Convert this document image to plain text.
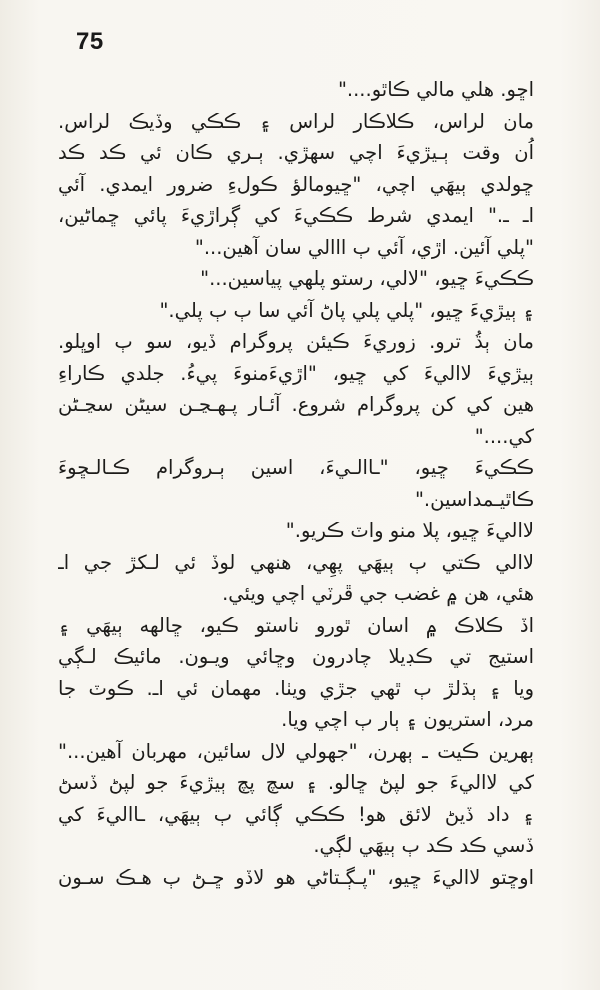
75
اڇو. هلي مالي ڪاٿو...."
مان لراس، ڪلاڪار لراس ۽ ڪڪي وڏيڪ لراس.
اُن وقت ٻـيڙيءَ اچي سهڙي. ٻـري ڪان ئي ڪد ڪد
ڇولدي ٻيهَي اچي، "ڇيومالؤ ڪولءِ ضرور ايمدي. آئي
اـ ـ." ايمدي شرط ڪڪيءَ کي ڳراڙيءَ پائي ڇماڻين،
"پلي آئين. اڙي، آئي ٻ ااالي سان آهين..."
ڪڪيءَ ڇيو، "لالي، رستو پلهي پياسين..."
۽ ٻيڙيءَ ڇيو، "پلي پلي پاڻ آئي سا ٻ ٻ پلي."
مان ٻڌُ ترو. زوريءَ ڪيئن پروگرام ڏيو، سو ٻ اوڀلو.
ٻيڙيءَ لااليءَ کي ڇيو، "اڙيءَمنوءَ پيءُ. جلدي ڪاراءِ
هين کي کن پروگرام شروع. آئـار پـهـڃـن سيڻن سڃـڻن
کي...."
ڪڪيءَ ڇيو، "ـاالـيءَ، اسين ٻـروگرام ڪـالـڇوءَ
ڪاٿيـمداسين."
لااليءَ ڇيو، پلا منو واٽ ڪريو."
لاالي ڪتي ٻ ٻيهَي پهِي، هنهي لوڏ ئي لـکڙ جي اـ
هئي، هن ۾ غضب جي ڦرٽي اچي ويئي.
اڏ ڪلاڪ ۾ اسان ٿورو ناستو ڪيو، ڇالهه ٻيهَي ۽
استيج تي ڪڊيلا چادرون وڇائي ويـون. مائيڪ لـڳي
ويا ۽ ٻڌلڙ ٻ ٿهي جڙي ويٺا. مهمان ئي اـ. ڪوٽ جا
مرد، استريون ۽ ٻار ٻ اچي ويا.
ٻهرين ڪيت ـ ٻهرن، "جهولي لال سائين، مهربان آهين..."
کي لااليءَ جو لپڻ ڇالو. ۽ سچ پچ ٻيڙيءَ جو لپڻ ڏسڻ
۽ داد ڏيڻ لائق هو! ڪڪي ڳائي ٻ ٻيهَي، ـااليءَ کي
ڏسي ڪد ڪد ٻ ٻيهَي لڳي.
اوڇتو لااليءَ ڇيو، "پـڳـتاڻي هو لاڏو ڇـڻ ٻ هـڪ سـون
